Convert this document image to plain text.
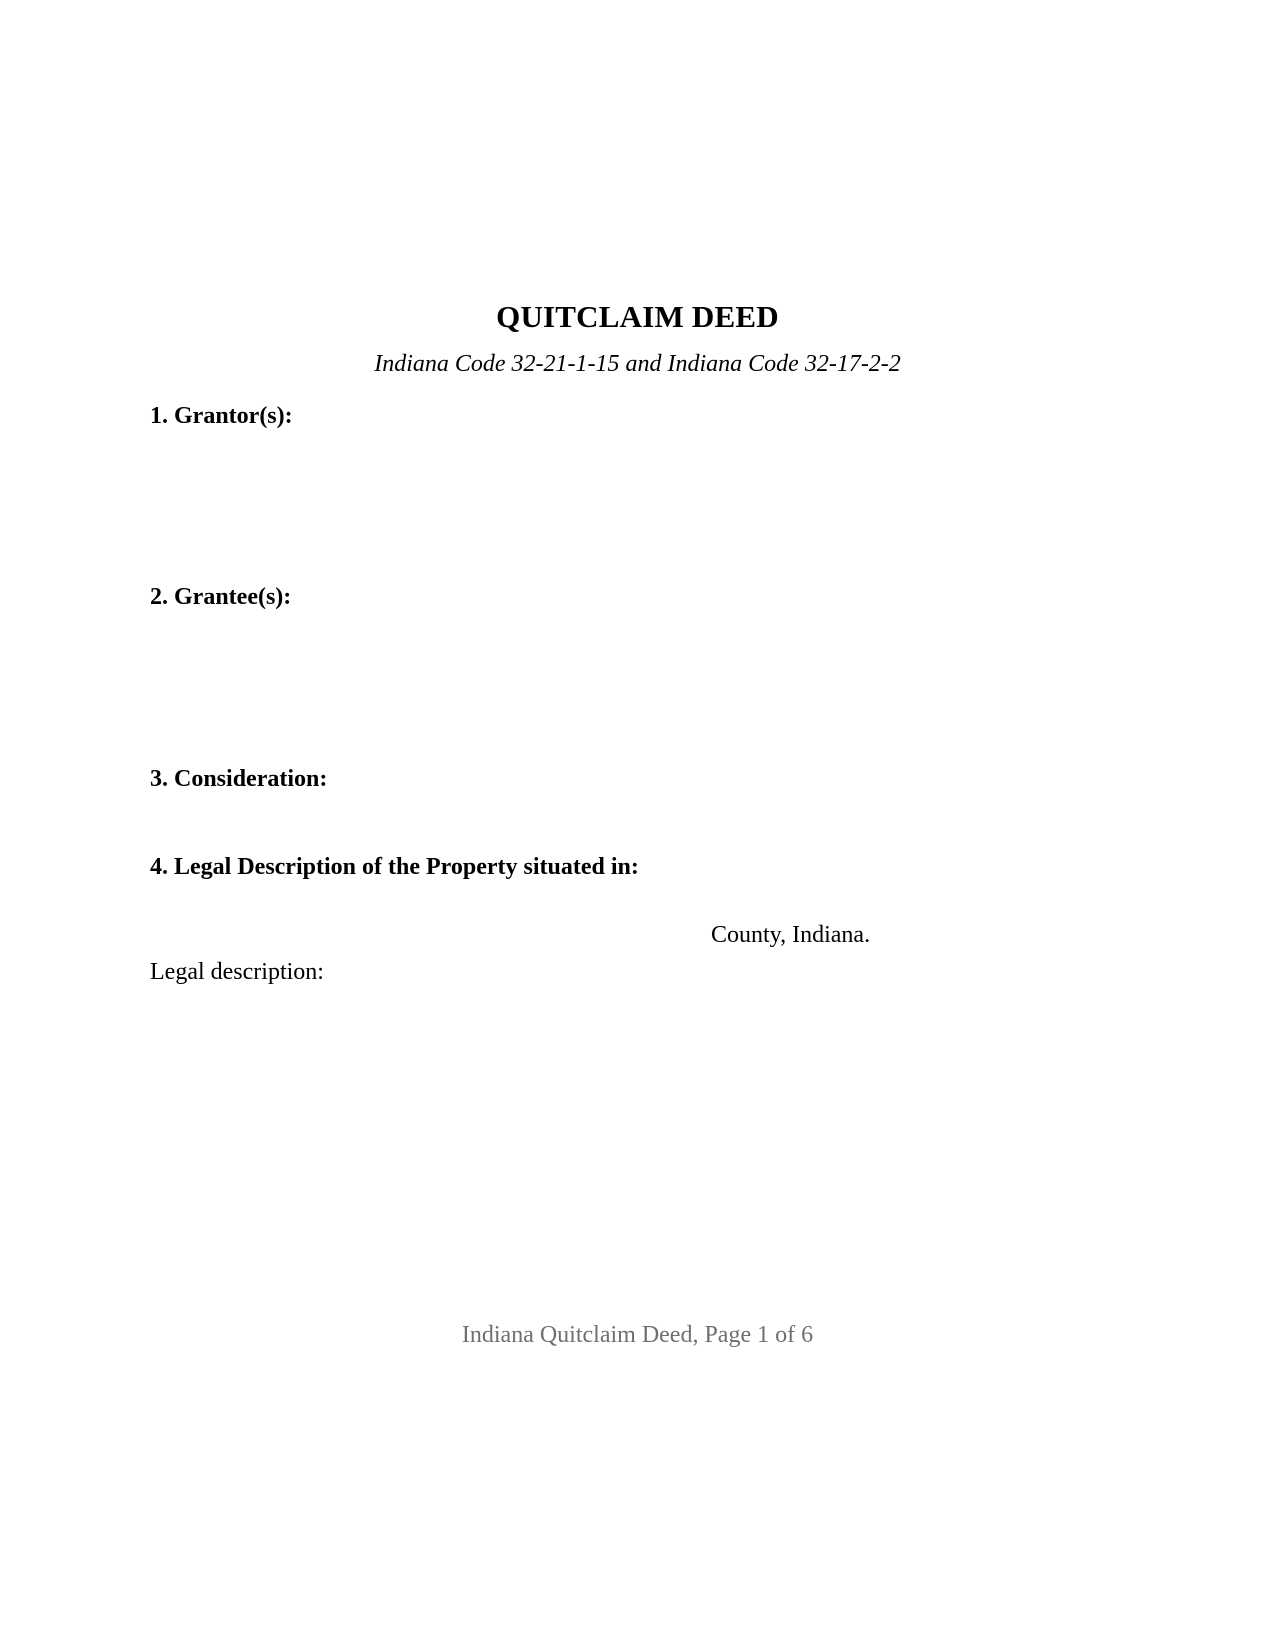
QUITCLAIM DEED
Indiana Code 32-21-1-15 and Indiana Code 32-17-2-2
1. Grantor(s):
2. Grantee(s):
3. Consideration:
4. Legal Description of the Property situated in:
County, Indiana.
Legal description:
Indiana Quitclaim Deed, Page 1 of 6
